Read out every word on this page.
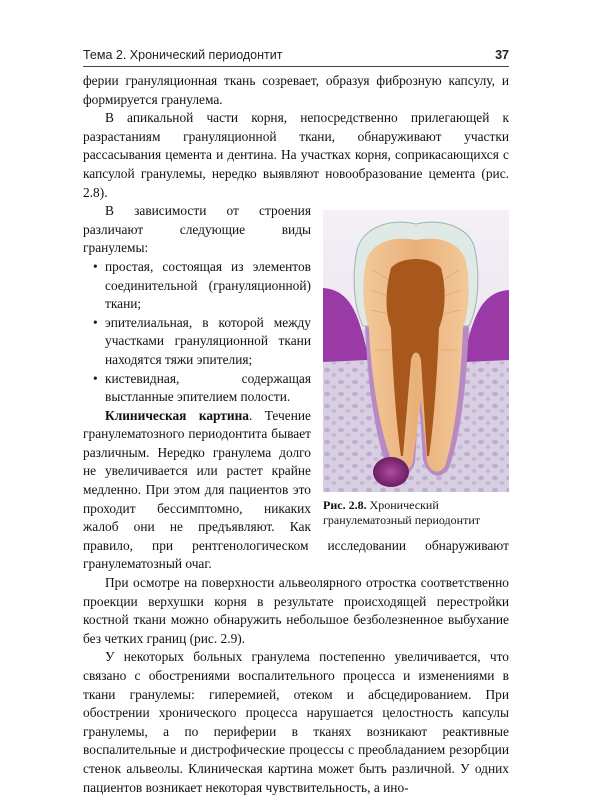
Тема 2. Хронический периодонтит	37

ферии грануляционная ткань созревает, образуя фиброзную капсулу, и формируется гранулема.

В апикальной части корня, непосредственно прилегающей к разрастаниям грануляционной ткани, обнаруживают участки рассасывания цемента и дентина. На участках корня, соприкасающихся с капсулой гранулемы, нередко выявляют новообразование цемента (рис. 2.8).

Рис. 2.8. Хронический гранулематозный периодонтит

В зависимости от строения различают следующие виды гранулемы:

• простая, состоящая из элементов соединительной (грануляционной) ткани;
• эпителиальная, в которой между участками грануляционной ткани находятся тяжи эпителия;
• кистевидная, содержащая выстланные эпителием полости.

Клиническая картина. Течение гранулематозного периодонтита бывает различным. Нередко гранулема долго не увеличивается или растет крайне медленно. При этом для пациентов это проходит бессимптомно, никаких жалоб они не предъявляют. Как правило, при рентгенологическом исследовании обнаруживают гранулематозный очаг.

При осмотре на поверхности альвеолярного отростка соответственно проекции верхушки корня в результате происходящей перестройки костной ткани можно обнаружить небольшое безболезненное выбухание без четких границ (рис. 2.9).

У некоторых больных гранулема постепенно увеличивается, что связано с обострениями воспалительного процесса и изменениями в ткани гранулемы: гиперемией, отеком и абсцедированием. При обострении хронического процесса нарушается целостность капсулы гранулемы, а по периферии в тканях возникают реактивные воспалительные и дистрофические процессы с преобладанием резорбции стенок альвеолы. Клиническая картина может быть различной. У одних пациентов возникает некоторая чувствительность, а ино-
